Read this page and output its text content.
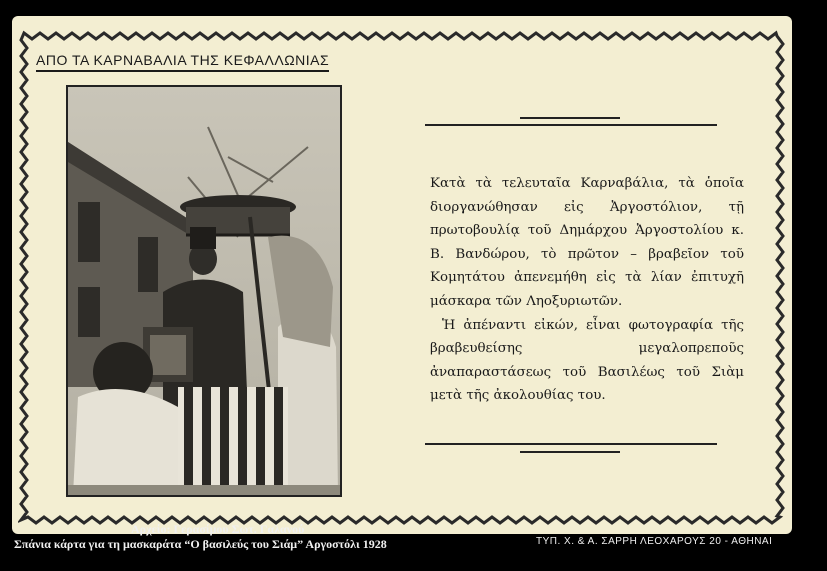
ΑΠΟ ΤΑ ΚΑΡΝΑΒΑΛΙΑ ΤΗΣ ΚΕΦΑΛΛΩΝΙΑΣ

Κατὰ τὰ τελευταῖα Καρναβάλια, τὰ ὁποῖα διοργανώθησαν εἰς Ἀργοστόλιον, τῇ πρωτοβουλίᾳ τοῦ Δημάρχου Ἀργοστολίου κ. Β. Βανδώρου, τὸ πρῶτον – βραβεῖον τοῦ Κομητάτου ἀπενεμήθη εἰς τὰ λίαν ἐπιτυχῆ μάσκαρα τῶν Ληοξυριωτῶν.

Ἡ ἀπέναντι εἰκών, εἶναι φωτογραφία τῆς βραβευθείσης μεγαλοπρεποῦς ἀναπαραστάσεως τοῦ Βασιλέως τοῦ Σιὰμ μετὰ τῆς ἀκολουθίας του.

Αρχείο: Γερασίμου Σωτ. Γαλανού
Σπάνια κάρτα για τη μασκαράτα “Ο βασιλεύς του Σιάμ” Αργοστόλι 1928	ΤΥΠ. Χ. & Α. ΣΑΡΡΗ ΛΕΟΧΑΡΟΥΣ 20 - ΑΘΗΝΑΙ
